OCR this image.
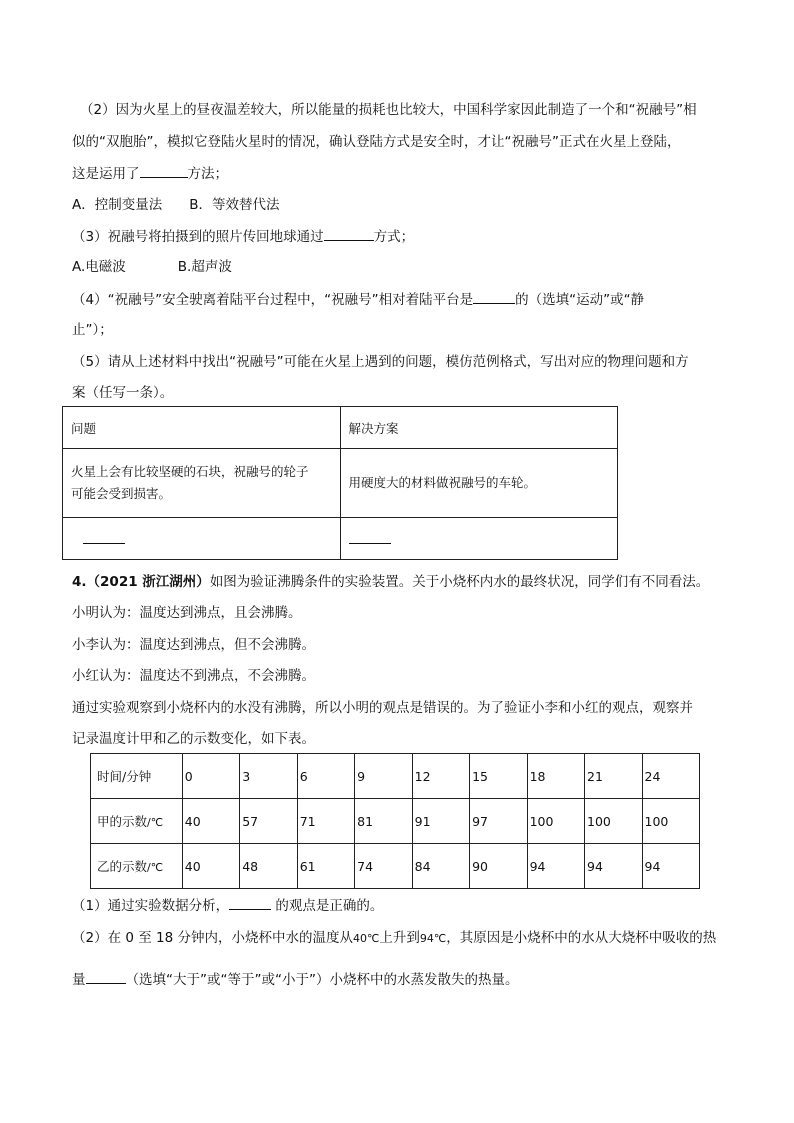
（2）因为火星上的昼夜温差较大，所以能量的损耗也比较大，中国科学家因此制造了一个和“祝融号”相
似的“双胞胎”，模拟它登陆火星时的情况，确认登陆方式是安全时，才让“祝融号”正式在火星上登陆，
这是运用了	方法；
A．控制变量法　　B．等效替代法
（3）祝融号将拍摄到的照片传回地球通过	方式；
A.电磁波	B.超声波
（4）“祝融号”安全驶离着陆平台过程中，“祝融号”相对着陆平台是	的（选填“运动”或“静
止”）；
（5）请从上述材料中找出“祝融号”可能在火星上遇到的问题，模仿范例格式，写出对应的物理问题和方
案（任写一条）。
问题	解决方案
火星上会有比较坚硬的石块，祝融号的轮子
可能会受到损害。	用硬度大的材料做祝融号的车轮。

4.（2021 浙江湖州）如图为验证沸腾条件的实验装置。关于小烧杯内水的最终状况，同学们有不同看法。
小明认为：温度达到沸点，且会沸腾。
小李认为：温度达到沸点，但不会沸腾。
小红认为：温度达不到沸点，不会沸腾。
通过实验观察到小烧杯内的水没有沸腾，所以小明的观点是错误的。为了验证小李和小红的观点，观察并
记录温度计甲和乙的示数变化，如下表。
时间/分钟	0	3	6	9	12	15	18	21	24
甲的示数/℃	40	57	71	81	91	97	100	100	100
乙的示数/℃	40	48	61	74	84	90	94	94	94
（1）通过实验数据分析，	的观点是正确的。
（2）在 0 至 18 分钟内，小烧杯中水的温度从40℃上升到94℃，其原因是小烧杯中的水从大烧杯中吸收的热
量	（选填“大于”或“等于”或“小于”）小烧杯中的水蒸发散失的热量。
